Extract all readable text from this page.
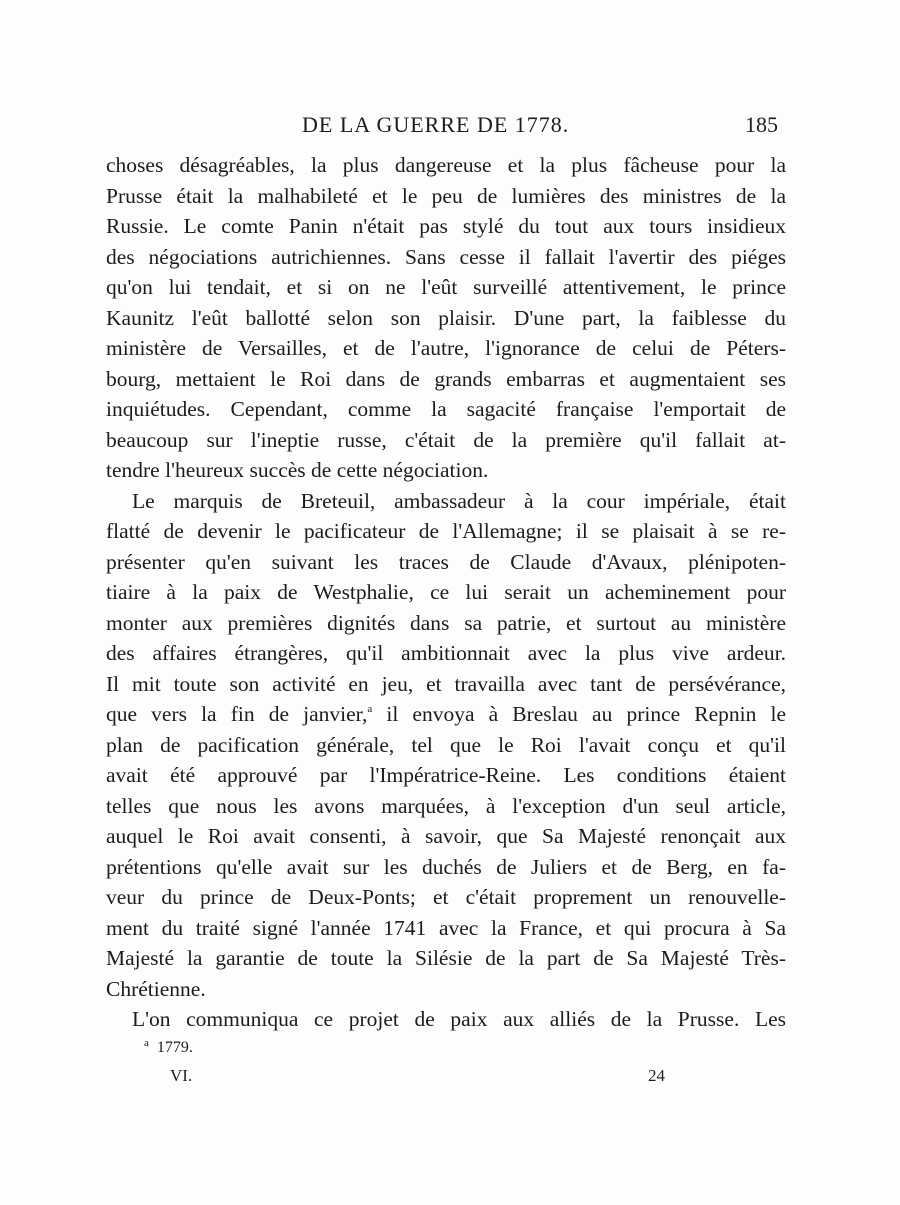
DE LA GUERRE DE 1778.	185
choses désagréables, la plus dangereuse et la plus fâcheuse pour la
Prusse était la malhabileté et le peu de lumières des ministres de la
Russie. Le comte Panin n'était pas stylé du tout aux tours insidieux
des négociations autrichiennes. Sans cesse il fallait l'avertir des piéges
qu'on lui tendait, et si on ne l'eût surveillé attentivement, le prince
Kaunitz l'eût ballotté selon son plaisir. D'une part, la faiblesse du
ministère de Versailles, et de l'autre, l'ignorance de celui de Péters-
bourg, mettaient le Roi dans de grands embarras et augmentaient ses
inquiétudes. Cependant, comme la sagacité française l'emportait de
beaucoup sur l'ineptie russe, c'était de la première qu'il fallait at-
tendre l'heureux succès de cette négociation.
Le marquis de Breteuil, ambassadeur à la cour impériale, était
flatté de devenir le pacificateur de l'Allemagne; il se plaisait à se re-
présenter qu'en suivant les traces de Claude d'Avaux, plénipoten-
tiaire à la paix de Westphalie, ce lui serait un acheminement pour
monter aux premières dignités dans sa patrie, et surtout au ministère
des affaires étrangères, qu'il ambitionnait avec la plus vive ardeur.
Il mit toute son activité en jeu, et travailla avec tant de persévérance,
que vers la fin de janvier,$^a$ il envoya à Breslau au prince Repnin le
plan de pacification générale, tel que le Roi l'avait conçu et qu'il
avait été approuvé par l'Impératrice-Reine. Les conditions étaient
telles que nous les avons marquées, à l'exception d'un seul article,
auquel le Roi avait consenti, à savoir, que Sa Majesté renonçait aux
prétentions qu'elle avait sur les duchés de Juliers et de Berg, en fa-
veur du prince de Deux-Ponts; et c'était proprement un renouvelle-
ment du traité signé l'année 1741 avec la France, et qui procura à Sa
Majesté la garantie de toute la Silésie de la part de Sa Majesté Très-
Chrétienne.
L'on communiqua ce projet de paix aux alliés de la Prusse. Les
$^a$ 1779.
VI.	24
